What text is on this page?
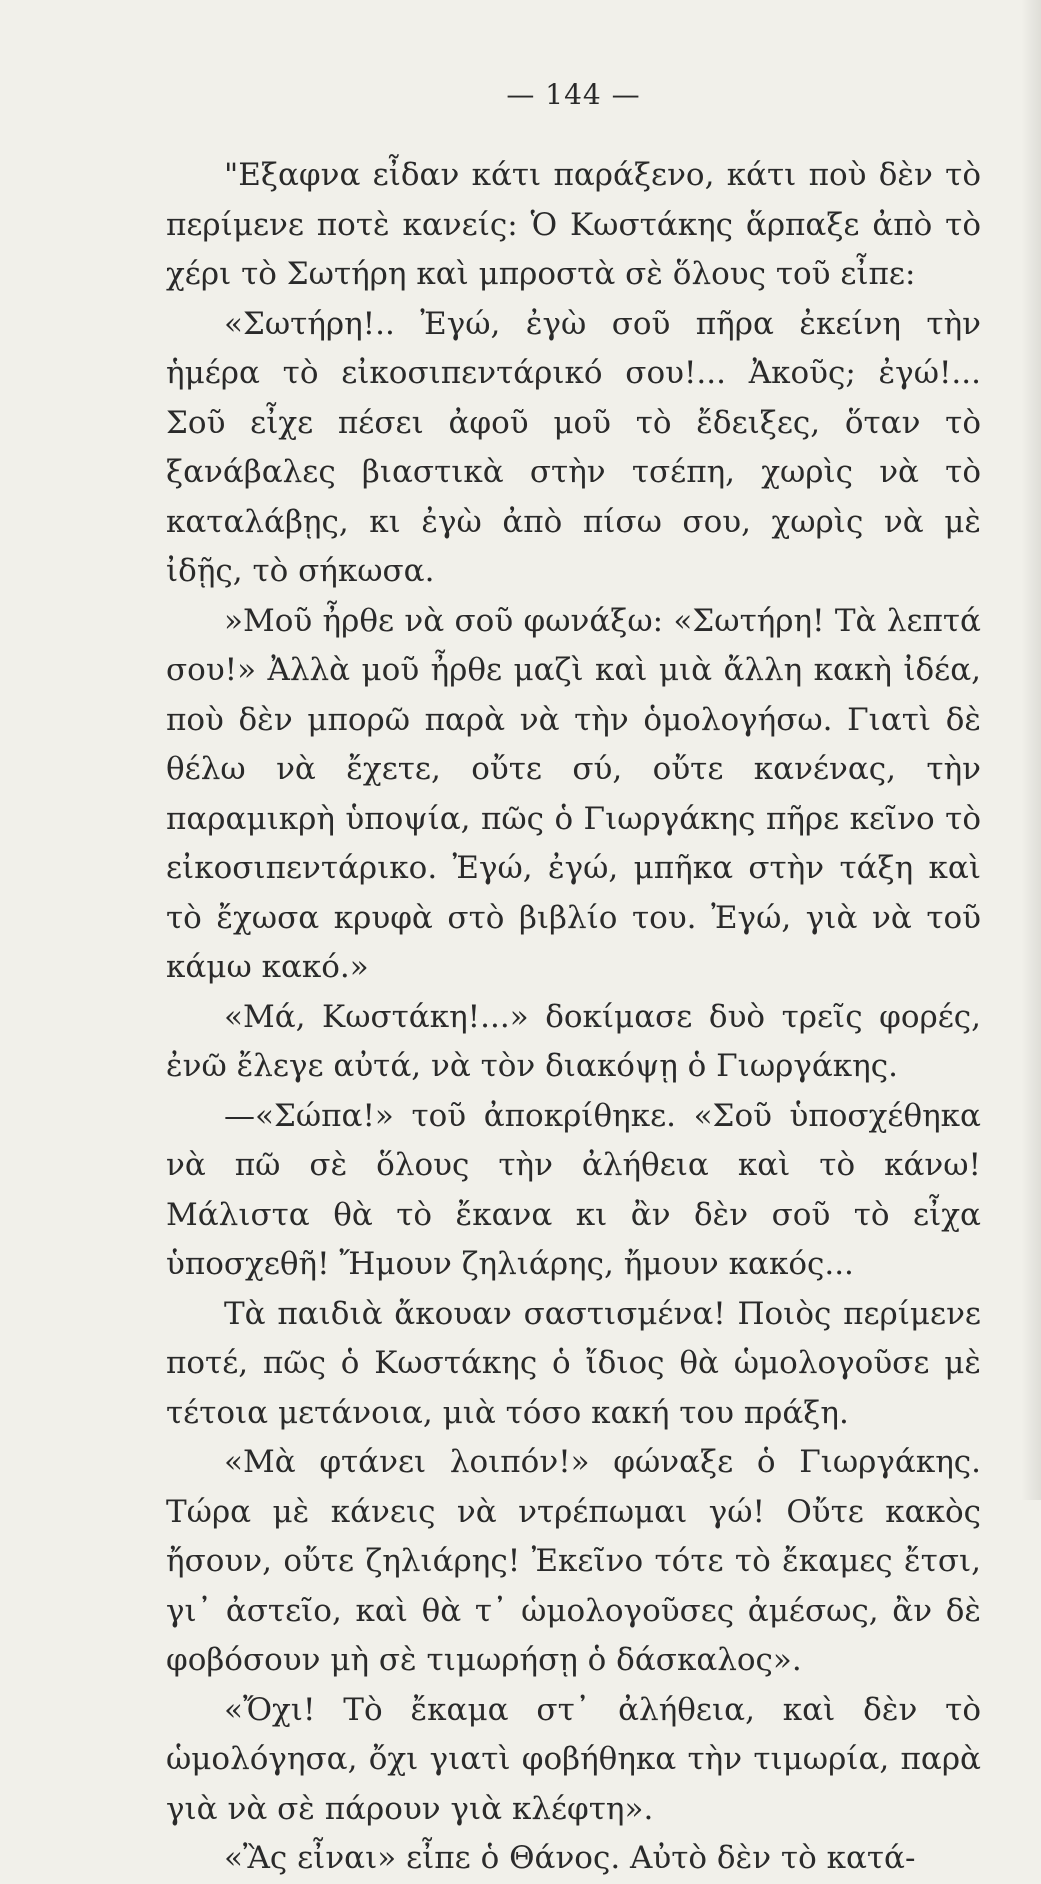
— 144 —

"Εξαφνα εἶδαν κάτι παράξενο, κάτι ποὺ δὲν τὸ περίμενε ποτὲ κανείς: Ὁ Κωστάκης ἅρπαξε ἀπὸ τὸ χέρι τὸ Σωτήρη καὶ μπροστὰ σὲ ὅλους τοῦ εἶπε:

«Σωτήρη!.. Ἐγώ, ἐγὼ σοῦ πῆρα ἐκείνη τὴν ἡμέρα τὸ εἰκοσιπεντάρικό σου!... Ἀκοῦς; ἐγώ!... Σοῦ εἶχε πέσει ἀφοῦ μοῦ τὸ ἔδειξες, ὅταν τὸ ξανάβαλες βιαστικὰ στὴν τσέπη, χωρὶς νὰ τὸ καταλάβῃς, κι ἐγὼ ἀπὸ πίσω σου, χωρὶς νὰ μὲ ἰδῇς, τὸ σήκωσα.

»Μοῦ ἦρθε νὰ σοῦ φωνάξω: «Σωτήρη! Τὰ λεπτά σου!» Ἀλλὰ μοῦ ἦρθε μαζὶ καὶ μιὰ ἄλλη κακὴ ἰδέα, ποὺ δὲν μπορῶ παρὰ νὰ τὴν ὁμολογήσω. Γιατὶ δὲ θέλω νὰ ἔχετε, οὔτε σύ, οὔτε κανένας, τὴν παραμικρὴ ὑποψία, πῶς ὁ Γιωργάκης πῆρε κεῖνο τὸ εἰκοσιπεντάρικο. Ἐγώ, ἐγώ, μπῆκα στὴν τάξη καὶ τὸ ἔχωσα κρυφὰ στὸ βιβλίο του. Ἐγώ, γιὰ νὰ τοῦ κάμω κακό.»

«Μά, Κωστάκη!...» δοκίμασε δυὸ τρεῖς φορές, ἐνῶ ἔλεγε αὐτά, νὰ τὸν διακόψῃ ὁ Γιωργάκης.

—«Σώπα!» τοῦ ἀποκρίθηκε. «Σοῦ ὑποσχέθηκα νὰ πῶ σὲ ὅλους τὴν ἀλήθεια καὶ τὸ κάνω! Μάλιστα θὰ τὸ ἔκανα κι ἂν δὲν σοῦ τὸ εἶχα ὑποσχεθῆ! Ἤμουν ζηλιάρης, ἤμουν κακός...

Τὰ παιδιὰ ἄκουαν σαστισμένα! Ποιὸς περίμενε ποτέ, πῶς ὁ Κωστάκης ὁ ἴδιος θὰ ὡμολογοῦσε μὲ τέτοια μετάνοια, μιὰ τόσο κακή του πράξη.

«Μὰ φτάνει λοιπόν!» φώναξε ὁ Γιωργάκης. Τώρα μὲ κάνεις νὰ ντρέπωμαι γώ! Οὔτε κακὸς ἤσουν, οὔτε ζηλιάρης! Ἐκεῖνο τότε τὸ ἔκαμες ἔτσι, γι᾿ ἀστεῖο, καὶ θὰ τ᾿ ὡμολογοῦσες ἀμέσως, ἂν δὲ φοβόσουν μὴ σὲ τιμωρήσῃ ὁ δάσκαλος».

«Ὄχι! Τὸ ἔκαμα στ᾿ ἀλήθεια, καὶ δὲν τὸ ὡμολόγησα, ὄχι γιατὶ φοβήθηκα τὴν τιμωρία, παρὰ γιὰ νὰ σὲ πάρουν γιὰ κλέφτη».

«Ἂς εἶναι» εἶπε ὁ Θάνος. Αὐτὸ δὲν τὸ κατά-
